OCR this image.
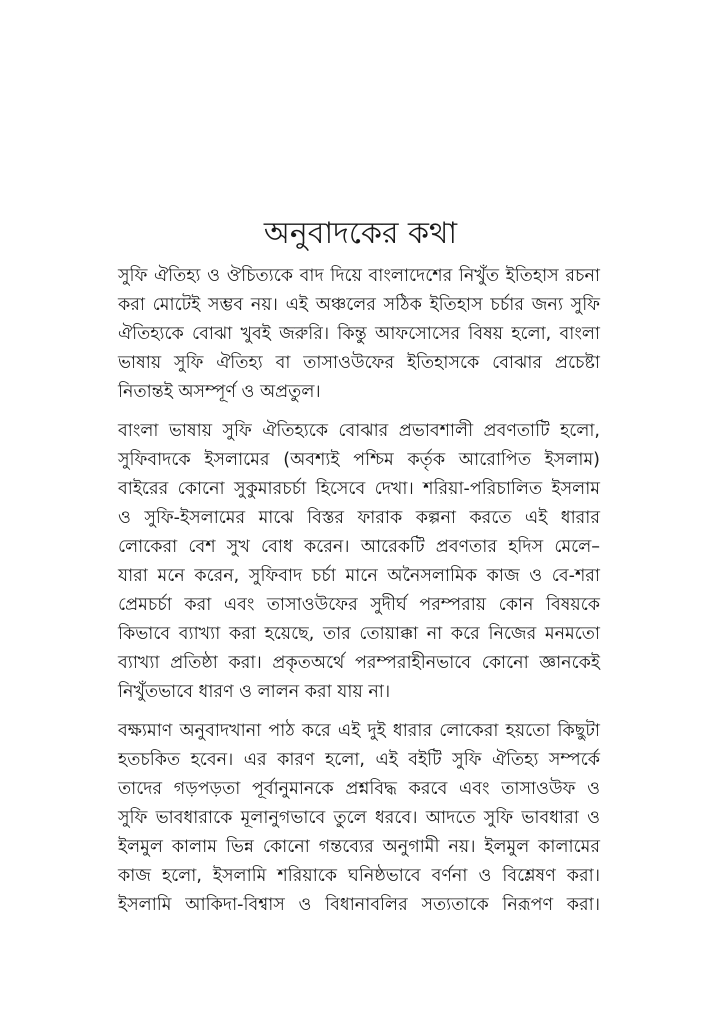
অনুবাদকের কথা

সুফি ঐতিহ্য ও ঔচিত্যকে বাদ দিয়ে বাংলাদেশের নিখুঁত ইতিহাস রচনা
করা মোটেই সম্ভব নয়। এই অঞ্চলের সঠিক ইতিহাস চর্চার জন্য সুফি
ঐতিহ্যকে বোঝা খুবই জরুরি। কিন্তু আফসোসের বিষয় হলো, বাংলা
ভাষায় সুফি ঐতিহ্য বা তাসাওউফের ইতিহাসকে বোঝার প্রচেষ্টা
নিতান্তই অসম্পূর্ণ ও অপ্রতুল।

বাংলা ভাষায় সুফি ঐতিহ্যকে বোঝার প্রভাবশালী প্রবণতাটি হলো,
সুফিবাদকে ইসলামের (অবশ্যই পশ্চিম কর্তৃক আরোপিত ইসলাম)
বাইরের কোনো সুকুমারচর্চা হিসেবে দেখা। শরিয়া-পরিচালিত ইসলাম
ও সুফি-ইসলামের মাঝে বিস্তর ফারাক কল্পনা করতে এই ধারার
লোকেরা বেশ সুখ বোধ করেন। আরেকটি প্রবণতার হদিস মেলে–
যারা মনে করেন, সুফিবাদ চর্চা মানে অনৈসলামিক কাজ ও বে-শরা
প্রেমচর্চা করা এবং তাসাওউফের সুদীর্ঘ পরম্পরায় কোন বিষয়কে
কিভাবে ব্যাখ্যা করা হয়েছে, তার তোয়াক্কা না করে নিজের মনমতো
ব্যাখ্যা প্রতিষ্ঠা করা। প্রকৃতঅর্থে পরম্পরাহীনভাবে কোনো জ্ঞানকেই
নিখুঁতভাবে ধারণ ও লালন করা যায় না।

বক্ষ্যমাণ অনুবাদখানা পাঠ করে এই দুই ধারার লোকেরা হয়তো কিছুটা
হতচকিত হবেন। এর কারণ হলো, এই বইটি সুফি ঐতিহ্য সম্পর্কে
তাদের গড়পড়তা পূর্বানুমানকে প্রশ্নবিদ্ধ করবে এবং তাসাওউফ ও
সুফি ভাবধারাকে মূলানুগভাবে তুলে ধরবে। আদতে সুফি ভাবধারা ও
ইলমুল কালাম ভিন্ন কোনো গন্তব্যের অনুগামী নয়। ইলমুল কালামের
কাজ হলো, ইসলামি শরিয়াকে ঘনিষ্ঠভাবে বর্ণনা ও বিশ্লেষণ করা।
ইসলামি আকিদা-বিশ্বাস ও বিধানাবলির সত্যতাকে নিরূপণ করা।
